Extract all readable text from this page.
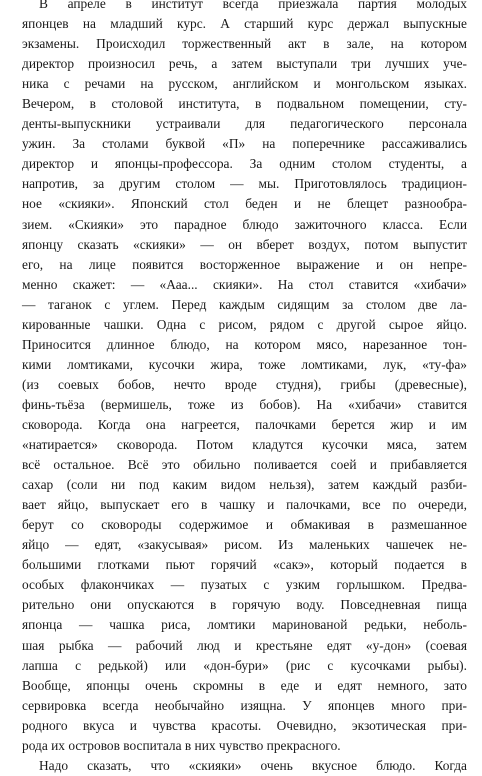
В апреле в институт всегда приезжала партия молодых
японцев на младший курс. А старший курс держал выпускные
экзамены. Происходил торжественный акт в зале, на котором
директор произносил речь, а затем выступали три лучших уче-
ника с речами на русском, английском и монгольском языках.
Вечером, в столовой института, в подвальном помещении, сту-
денты-выпускники устраивали для педагогического персонала
ужин. За столами буквой «П» на поперечнике рассаживались
директор и японцы-профессора. За одним столом студенты, а
напротив, за другим столом — мы. Приготовлялось традицион-
ное «скияки». Японский стол беден и не блещет разнообра-
зием. «Скияки» это парадное блюдо зажиточного класса. Если
японцу сказать «скияки» — он вберет воздух, потом выпустит
его, на лице появится восторженное выражение и он непре-
менно скажет: — «Ааа... скияки». На стол ставится «хибачи»
— таганок с углем. Перед каждым сидящим за столом две ла-
кированные чашки. Одна с рисом, рядом с другой сырое яйцо.
Приносится длинное блюдо, на котором мясо, нарезанное тон-
кими ломтиками, кусочки жира, тоже ломтиками, лук, «ту-фа»
(из соевых бобов, нечто вроде студня), грибы (древесные),
финь-тьёза (вермишель, тоже из бобов). На «хибачи» ставится
сковорода. Когда она нагреется, палочками берется жир и им
«натирается» сковорода. Потом кладутся кусочки мяса, затем
всё остальное. Всё это обильно поливается соей и прибавляется
сахар (соли ни под каким видом нельзя), затем каждый разби-
вает яйцо, выпускает его в чашку и палочками, все по очереди,
берут со сковороды содержимое и обмакивая в размешанное
яйцо — едят, «закусывая» рисом. Из маленьких чашечек не-
большими глотками пьют горячий «сакэ», который подается в
особых флакончиках — пузатых с узким горлышком. Предва-
рительно они опускаются в горячую воду. Повседневная пища
японца — чашка риса, ломтики маринованой редьки, неболь-
шая рыбка — рабочий люд и крестьяне едят «у-дон» (соевая
лапша с редькой) или «дон-бури» (рис с кусочками рыбы).
Вообще, японцы очень скромны в еде и едят немного, зато
сервировка всегда необычайно изящна. У японцев много при-
родного вкуса и чувства красоты. Очевидно, экзотическая при-
рода их островов воспитала в них чувство прекрасного.
Надо сказать, что «скияки» очень вкусное блюдо. Когда
